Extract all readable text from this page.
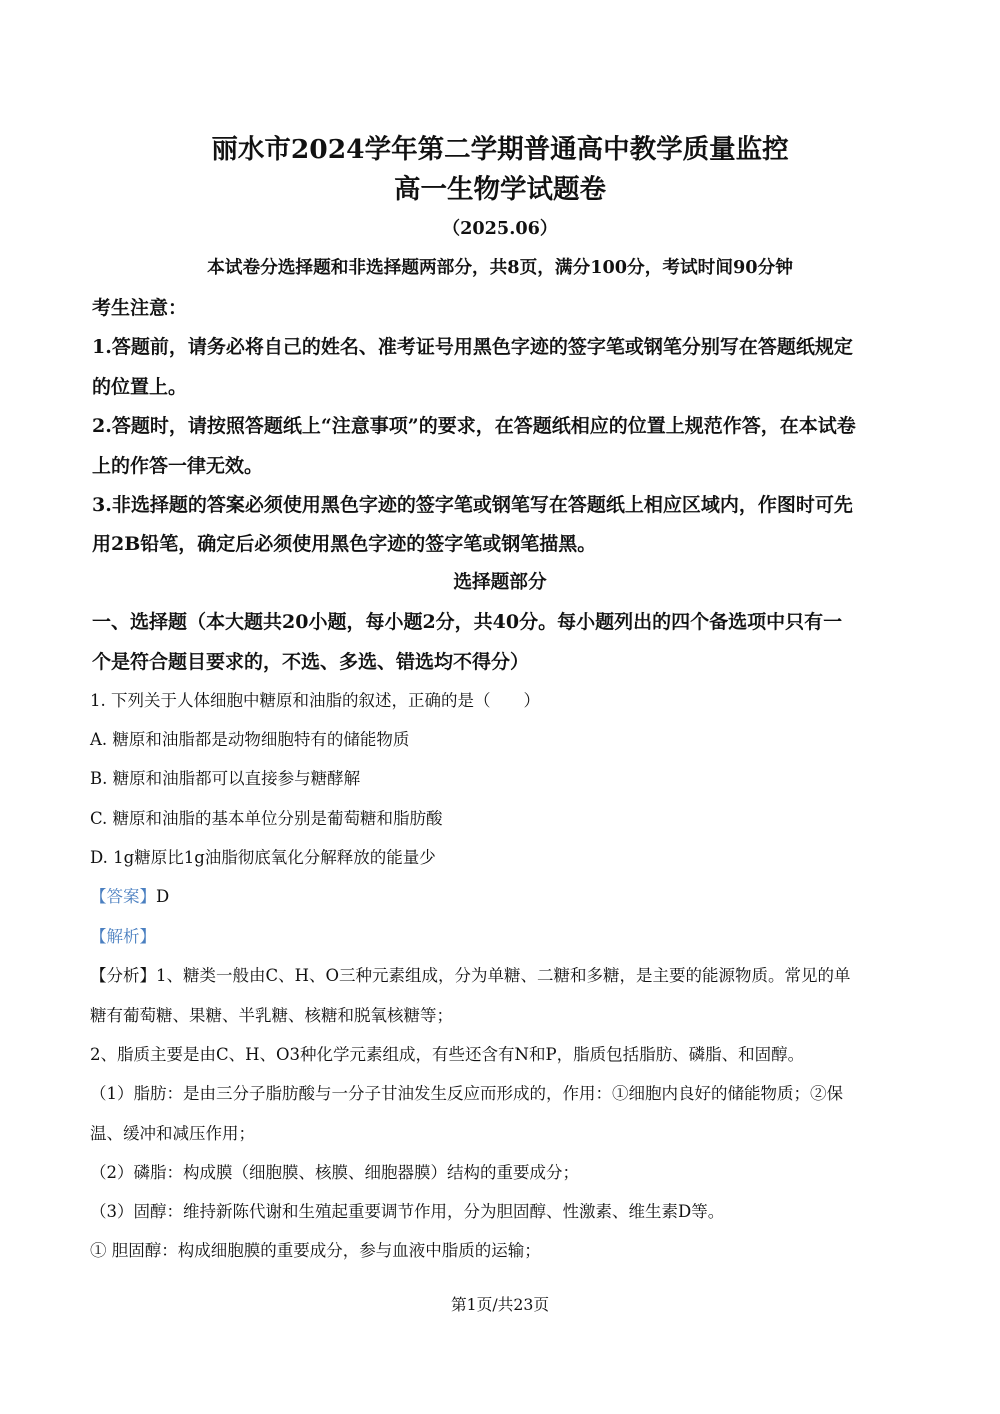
丽水市2024学年第二学期普通高中教学质量监控
高一生物学试题卷
（2025.06）
本试卷分选择题和非选择题两部分，共8页，满分100分，考试时间90分钟
考生注意：
1.答题前，请务必将自己的姓名、准考证号用黑色字迹的签字笔或钢笔分别写在答题纸规定
的位置上。
2.答题时，请按照答题纸上“注意事项”的要求，在答题纸相应的位置上规范作答，在本试卷
上的作答一律无效。
3.非选择题的答案必须使用黑色字迹的签字笔或钢笔写在答题纸上相应区域内，作图时可先
用2B铅笔，确定后必须使用黑色字迹的签字笔或钢笔描黑。
选择题部分
一、选择题（本大题共20小题，每小题2分，共40分。每小题列出的四个备选项中只有一
个是符合题目要求的，不选、多选、错选均不得分）
1. 下列关于人体细胞中糖原和油脂的叙述，正确的是（　　）
A. 糖原和油脂都是动物细胞特有的储能物质
B. 糖原和油脂都可以直接参与糖酵解
C. 糖原和油脂的基本单位分别是葡萄糖和脂肪酸
D. 1g糖原比1g油脂彻底氧化分解释放的能量少
【答案】D
【解析】
【分析】1、糖类一般由C、H、O三种元素组成，分为单糖、二糖和多糖，是主要的能源物质。常见的单
糖有葡萄糖、果糖、半乳糖、核糖和脱氧核糖等；
2、脂质主要是由C、H、O3种化学元素组成，有些还含有N和P，脂质包括脂肪、磷脂、和固醇。
（1）脂肪：是由三分子脂肪酸与一分子甘油发生反应而形成的，作用：①细胞内良好的储能物质；②保
温、缓冲和减压作用；
（2）磷脂：构成膜（细胞膜、核膜、细胞器膜）结构的重要成分；
（3）固醇：维持新陈代谢和生殖起重要调节作用，分为胆固醇、性激素、维生素D等。
① 胆固醇：构成细胞膜的重要成分，参与血液中脂质的运输；
第1页/共23页
